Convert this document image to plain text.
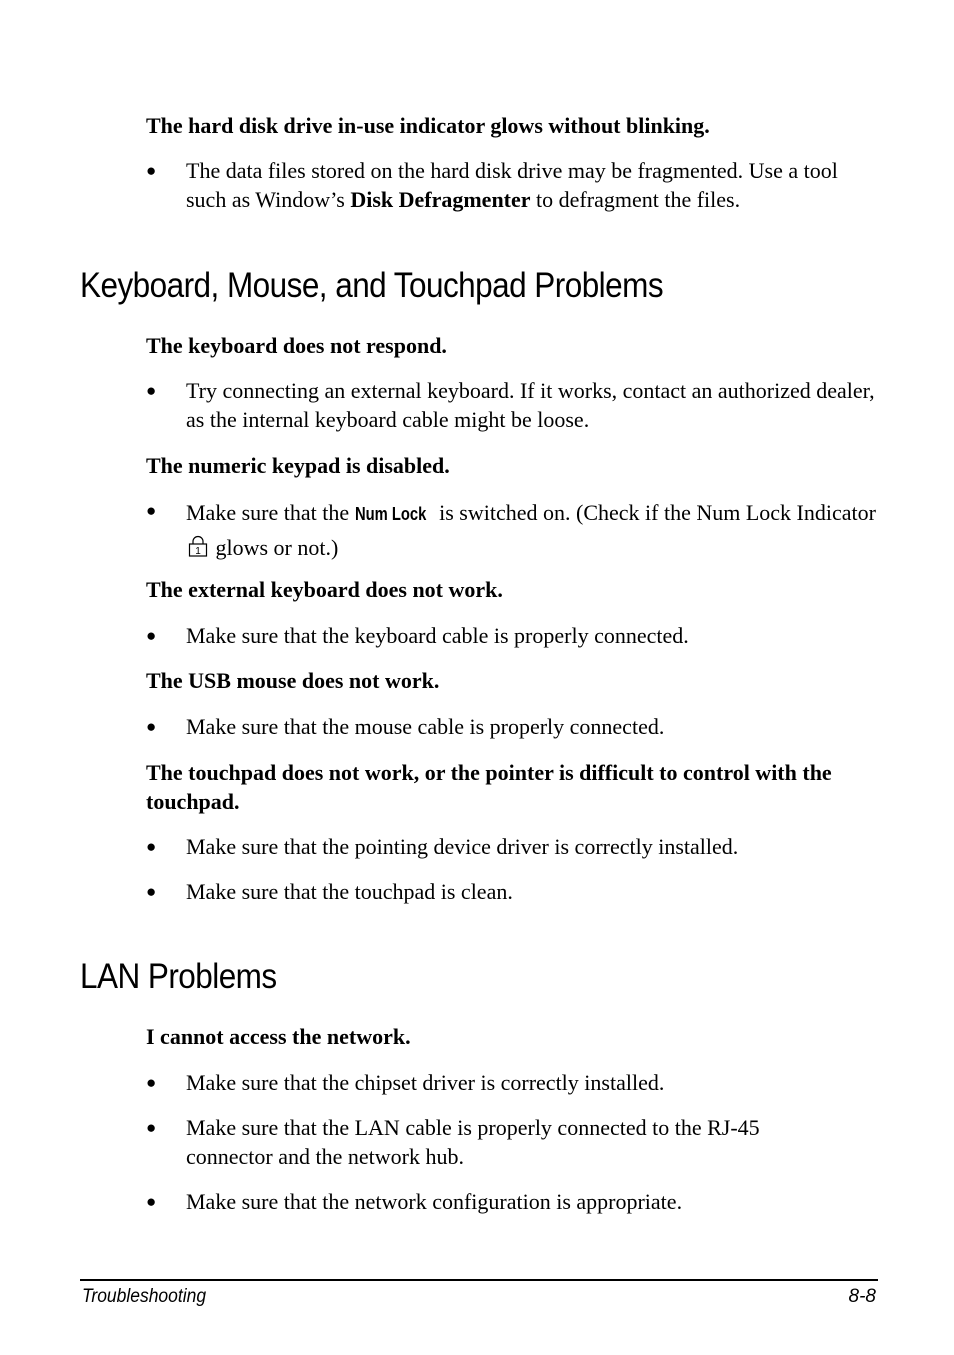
The hard disk drive in-use indicator glows without blinking.

●	The data files stored on the hard disk drive may be fragmented. Use a tool such as Window’s Disk Defragmenter to defragment the files.
Keyboard, Mouse, and Touchpad Problems

The keyboard does not respond.

●	Try connecting an external keyboard. If it works, contact an authorized dealer, as the internal keyboard cable might be loose.

The numeric keypad is disabled.

●	Make sure that the Num Lock is switched on. (Check if the Num Lock Indicator
1 glows or not.)

The external keyboard does not work.

●	Make sure that the keyboard cable is properly connected.

The USB mouse does not work.

●	Make sure that the mouse cable is properly connected.

The touchpad does not work, or the pointer is difficult to control with the touchpad.

●	Make sure that the pointing device driver is correctly installed.
●	Make sure that the touchpad is clean.
LAN Problems

I cannot access the network.

●	Make sure that the chipset driver is correctly installed.
●	Make sure that the LAN cable is properly connected to the RJ-45 connector and the network hub.
●	Make sure that the network configuration is appropriate.
Troubleshooting	8-8
